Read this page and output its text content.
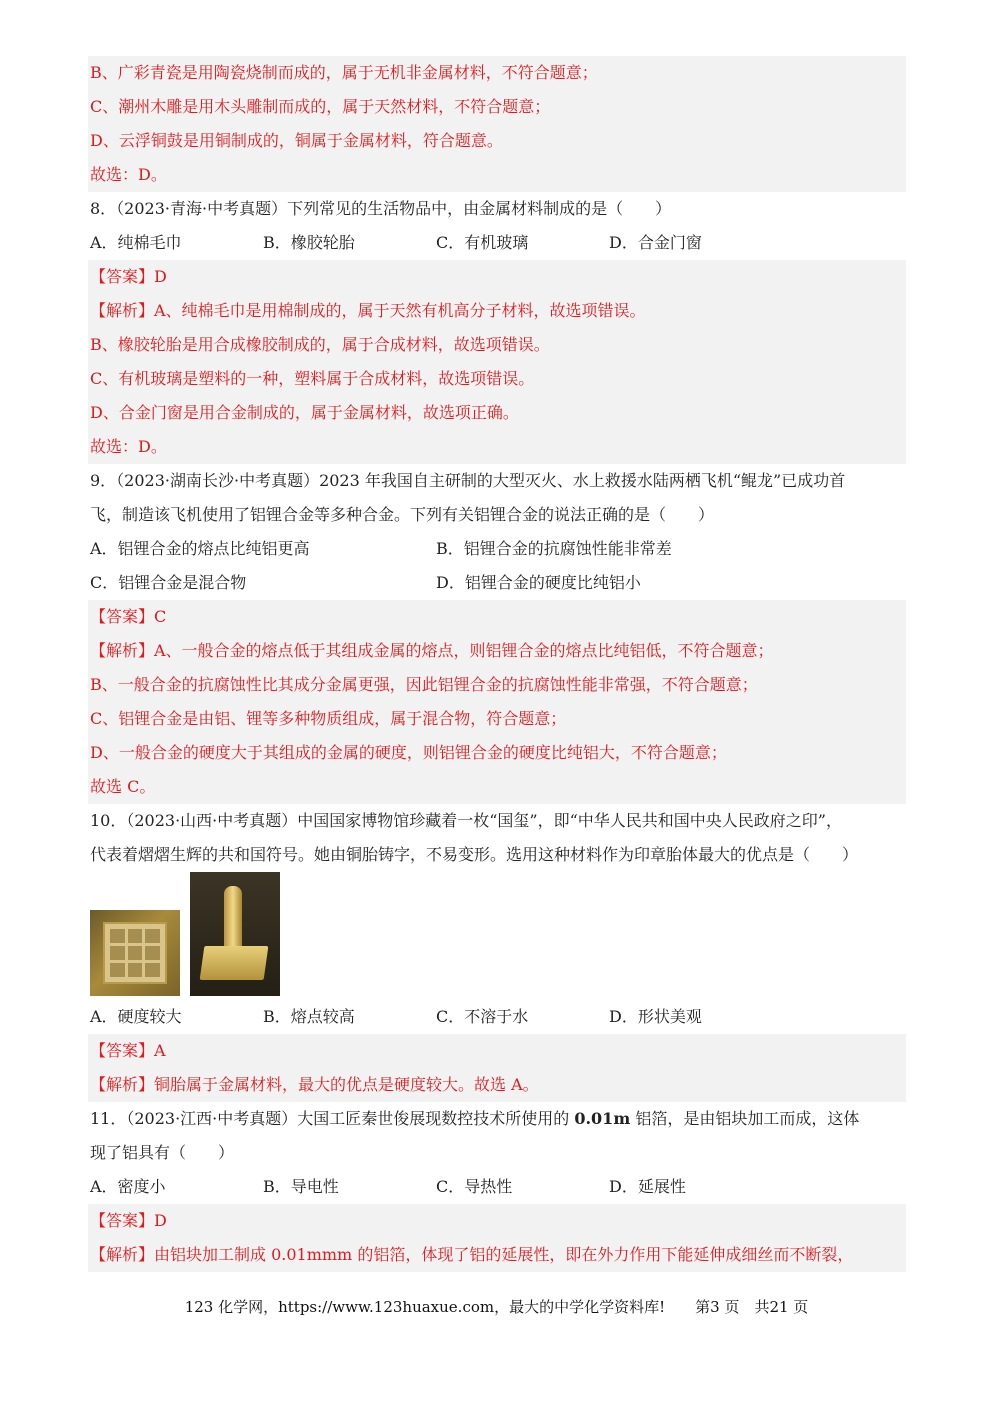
B、广彩青瓷是用陶瓷烧制而成的，属于无机非金属材料，不符合题意；
C、潮州木雕是用木头雕制而成的，属于天然材料，不符合题意；
D、云浮铜鼓是用铜制成的，铜属于金属材料，符合题意。
故选：D。
8．（2023·青海·中考真题）下列常见的生活物品中，由金属材料制成的是（　　）
A．纯棉毛巾	B．橡胶轮胎	C．有机玻璃	D．合金门窗
【答案】D
【解析】A、纯棉毛巾是用棉制成的，属于天然有机高分子材料，故选项错误。
B、橡胶轮胎是用合成橡胶制成的，属于合成材料，故选项错误。
C、有机玻璃是塑料的一种，塑料属于合成材料，故选项错误。
D、合金门窗是用合金制成的，属于金属材料，故选项正确。
故选：D。
9．（2023·湖南长沙·中考真题）2023 年我国自主研制的大型灭火、水上救援水陆两栖飞机“鲲龙”已成功首
飞，制造该飞机使用了铝锂合金等多种合金。下列有关铝锂合金的说法正确的是（　　）
A．铝锂合金的熔点比纯铝更高	B．铝锂合金的抗腐蚀性能非常差
C．铝锂合金是混合物	D．铝锂合金的硬度比纯铝小
【答案】C
【解析】A、一般合金的熔点低于其组成金属的熔点，则铝锂合金的熔点比纯铝低，不符合题意；
B、一般合金的抗腐蚀性比其成分金属更强，因此铝锂合金的抗腐蚀性能非常强，不符合题意；
C、铝锂合金是由铝、锂等多种物质组成，属于混合物，符合题意；
D、一般合金的硬度大于其组成的金属的硬度，则铝锂合金的硬度比纯铝大，不符合题意；
故选 C。
10．（2023·山西·中考真题）中国国家博物馆珍藏着一枚“国玺”，即“中华人民共和国中央人民政府之印”，
代表着熠熠生辉的共和国符号。她由铜胎铸字，不易变形。选用这种材料作为印章胎体最大的优点是（　　）
A．硬度较大	B．熔点较高	C．不溶于水	D．形状美观
【答案】A
【解析】铜胎属于金属材料，最大的优点是硬度较大。故选 A。
11．（2023·江西·中考真题）大国工匠秦世俊展现数控技术所使用的 0.01m 铝箔，是由铝块加工而成，这体
现了铝具有（　　）
A．密度小	B．导电性	C．导热性	D．延展性
【答案】D
【解析】由铝块加工制成 0.01mmm 的铝箔，体现了铝的延展性，即在外力作用下能延伸成细丝而不断裂，
123 化学网，https://www.123huaxue.com，最大的中学化学资料库!　　第3 页　共21 页
